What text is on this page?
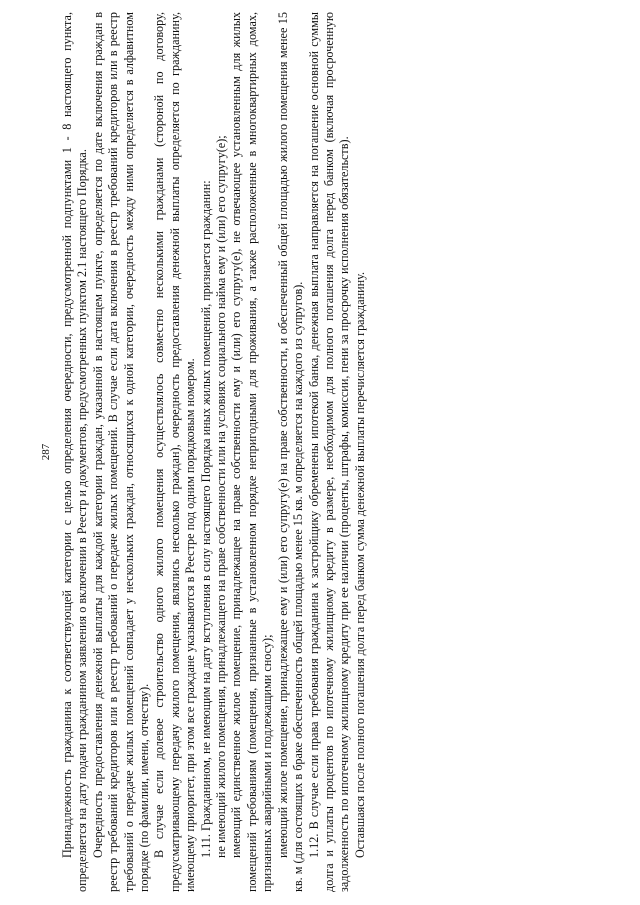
287 Принадлежность гражданина к соответствующей категории с целью определения очередности, предусмотренной подпунктами 1 - 8 настоящего пункта, определяется на дату подачи гражданином заявления о включении в Реестр и документов, предусмотренных пунктом 2.1 настоящего Порядка. Очередность предоставления денежной выплаты для каждой категории граждан, указанной в настоящем пункте, определяется по дате включения граждан в реестр требований кредиторов или в реестр требований о передаче жилых помещений. В случае если дата включения в реестр требований кредиторов или в реестр требований о передаче жилых помещений совпадает у нескольких граждан, относящихся к одной категории, очередность между ними определяется в алфавитном порядке (по фамилии, имени, отчеству). В случае если долевое строительство одного жилого помещения осуществлялось совместно несколькими гражданами (стороной по договору, предусматривающему передачу жилого помещения, являлись несколько граждан), очередность предоставления денежной выплаты определяется по гражданину, имеющему приоритет, при этом все граждане указываются в Реестре под одним порядковым номером. 1.11. Гражданином, не имеющим на дату вступления в силу настоящего Порядка иных жилых помещений, признается гражданин: не имеющий жилого помещения, принадлежащего на праве собственности или на условиях социального найма ему и (или) его супругу(е); имеющий единственное жилое помещение, принадлежащее на праве собственности ему и (или) его супругу(е), не отвечающее установленным для жилых помещений требованиям (помещения, признанные в установленном порядке непригодными для проживания, а также расположенные в многоквартирных домах, признанных аварийными и подлежащими сносу); имеющий жилое помещение, принадлежащее ему и (или) его супругу(е) на праве собственности, и обеспеченный общей площадью жилого помещения менее 15 кв. м (для состоящих в браке обеспеченность общей площадью менее 15 кв. м определяется на каждого из супругов). 1.12. В случае если права требования гражданина к застройщику обременены ипотекой банка, денежная выплата направляется на погашение основной суммы долга и уплаты процентов по ипотечному жилищному кредиту в размере, необходимом для полного погашения долга перед банком (включая просроченную задолженность по ипотечному жилищному кредиту при ее наличии (проценты, штрафы, комиссии, пени за просрочку исполнения обязательств). Оставшаяся после полного погашения долга перед банком сумма денежной выплаты перечисляется гражданину.
